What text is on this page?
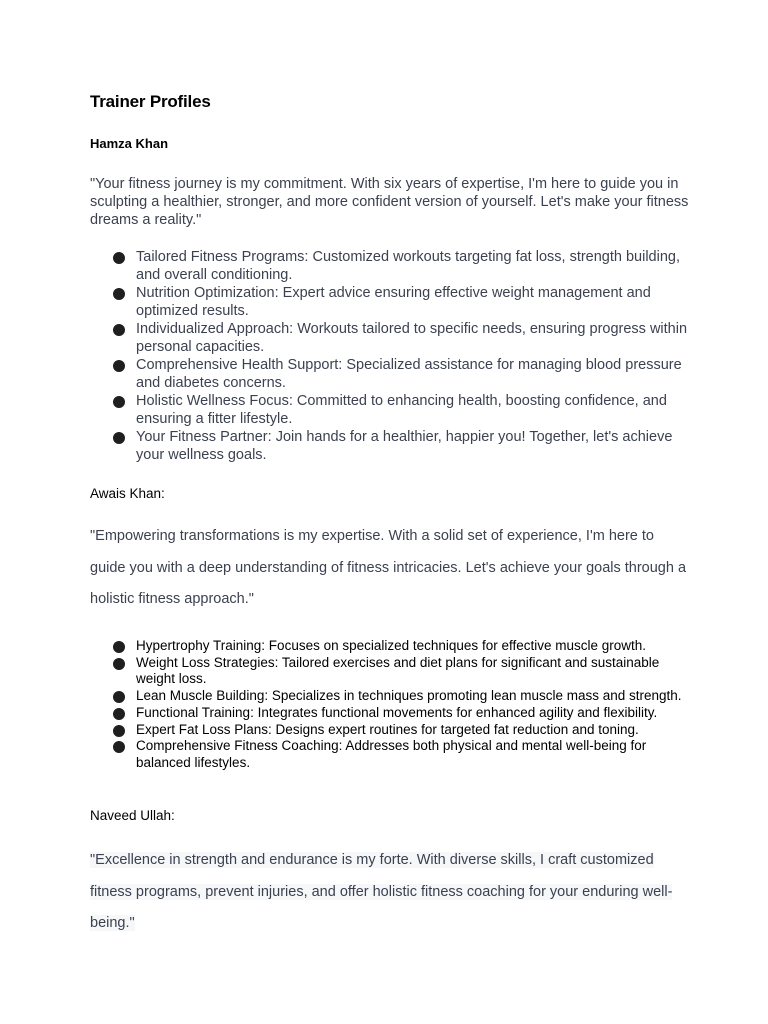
Trainer Profiles

Hamza Khan

"Your fitness journey is my commitment. With six years of expertise, I'm here to guide you in sculpting a healthier, stronger, and more confident version of yourself. Let's make your fitness dreams a reality."

Tailored Fitness Programs: Customized workouts targeting fat loss, strength building, and overall conditioning.
Nutrition Optimization: Expert advice ensuring effective weight management and optimized results.
Individualized Approach: Workouts tailored to specific needs, ensuring progress within personal capacities.
Comprehensive Health Support: Specialized assistance for managing blood pressure and diabetes concerns.
Holistic Wellness Focus: Committed to enhancing health, boosting confidence, and ensuring a fitter lifestyle.
Your Fitness Partner: Join hands for a healthier, happier you! Together, let's achieve your wellness goals.

Awais Khan:

"Empowering transformations is my expertise. With a solid set of experience, I'm here to guide you with a deep understanding of fitness intricacies. Let's achieve your goals through a holistic fitness approach."

Hypertrophy Training: Focuses on specialized techniques for effective muscle growth.
Weight Loss Strategies: Tailored exercises and diet plans for significant and sustainable weight loss.
Lean Muscle Building: Specializes in techniques promoting lean muscle mass and strength.
Functional Training: Integrates functional movements for enhanced agility and flexibility.
Expert Fat Loss Plans: Designs expert routines for targeted fat reduction and toning.
Comprehensive Fitness Coaching: Addresses both physical and mental well-being for balanced lifestyles.

Naveed Ullah:

"Excellence in strength and endurance is my forte. With diverse skills, I craft customized fitness programs, prevent injuries, and offer holistic fitness coaching for your enduring well-being."
